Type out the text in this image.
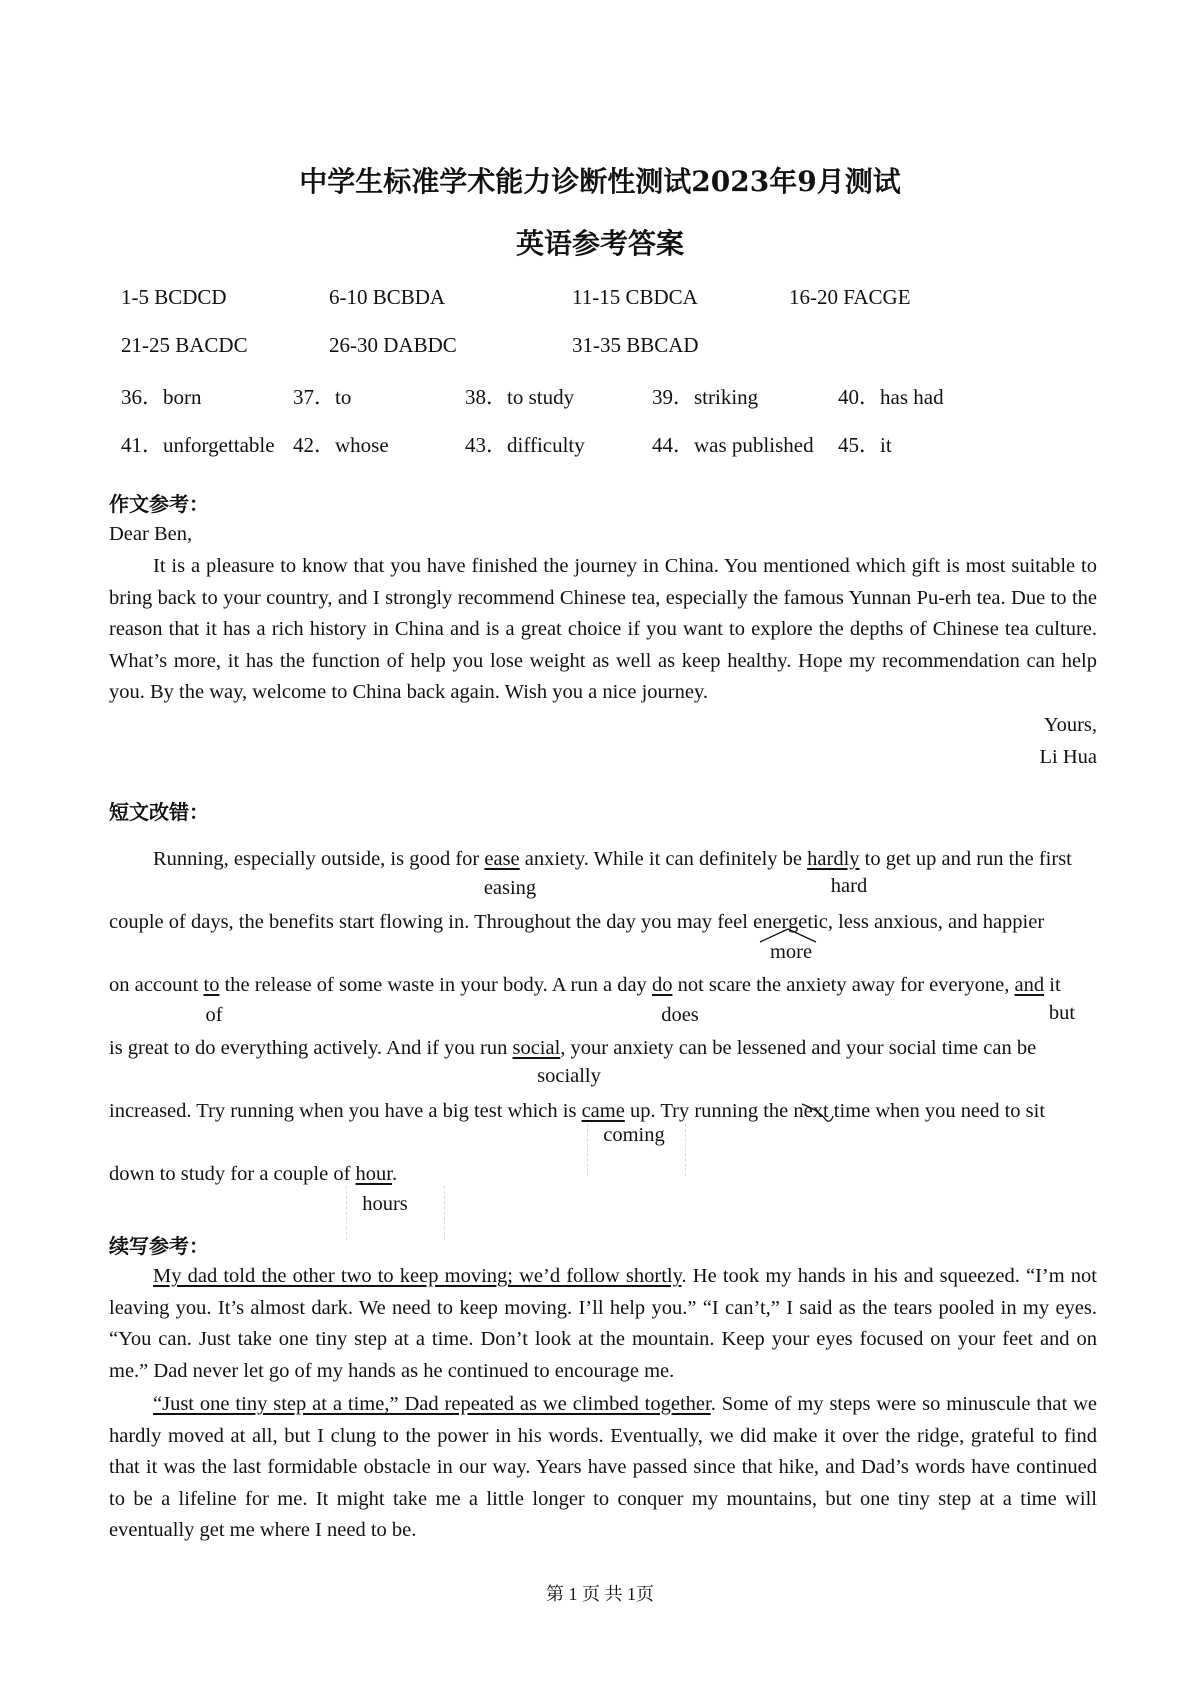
中学生标准学术能力诊断性测试2023年9月测试
英语参考答案
1-5 BCDCD	6-10 BCBDA	11-15 CBDCA	16-20 FACGE
21-25 BACDC	26-30 DABDC	31-35 BBCAD
36．born	37．to	38．to study	39．striking	40．has had
41．unforgettable 42．whose	43．difficulty	44．was published 45．it
作文参考：
Dear Ben,

It is a pleasure to know that you have finished the journey in China. You mentioned which gift is most suitable to bring back to your country, and I strongly recommend Chinese tea, especially the famous Yunnan Pu-erh tea. Due to the reason that it has a rich history in China and is a great choice if you want to explore the depths of Chinese tea culture. What’s more, it has the function of help you lose weight as well as keep healthy. Hope my recommendation can help you. By the way, welcome to China back again. Wish you a nice journey.

Yours,
Li Hua
短文改错：
Running, especially outside, is good for ease anxiety. While it can definitely be hardly to get up and run the first
easing	hard
couple of days, the benefits start flowing in. Throughout the day you may feel energetic, less anxious, and happier
more
on account to the release of some waste in your body. A run a day do not scare the anxiety away for everyone, and it
of	does	but
is great to do everything actively. And if you run social, your anxiety can be lessened and your social time can be
socially
increased. Try running when you have a big test which is came up. Try running the next time when you need to sit
coming
down to study for a couple of hour.
hours
续写参考：

My dad told the other two to keep moving; we’d follow shortly. He took my hands in his and squeezed. “I’m not leaving you. It’s almost dark. We need to keep moving. I’ll help you.” “I can’t,” I said as the tears pooled in my eyes. “You can. Just take one tiny step at a time. Don’t look at the mountain. Keep your eyes focused on your feet and on me.” Dad never let go of my hands as he continued to encourage me.

“Just one tiny step at a time,” Dad repeated as we climbed together. Some of my steps were so minuscule that we hardly moved at all, but I clung to the power in his words. Eventually, we did make it over the ridge, grateful to find that it was the last formidable obstacle in our way. Years have passed since that hike, and Dad’s words have continued to be a lifeline for me. It might take me a little longer to conquer my mountains, but one tiny step at a time will eventually get me where I need to be.

第 1 页 共 1页
